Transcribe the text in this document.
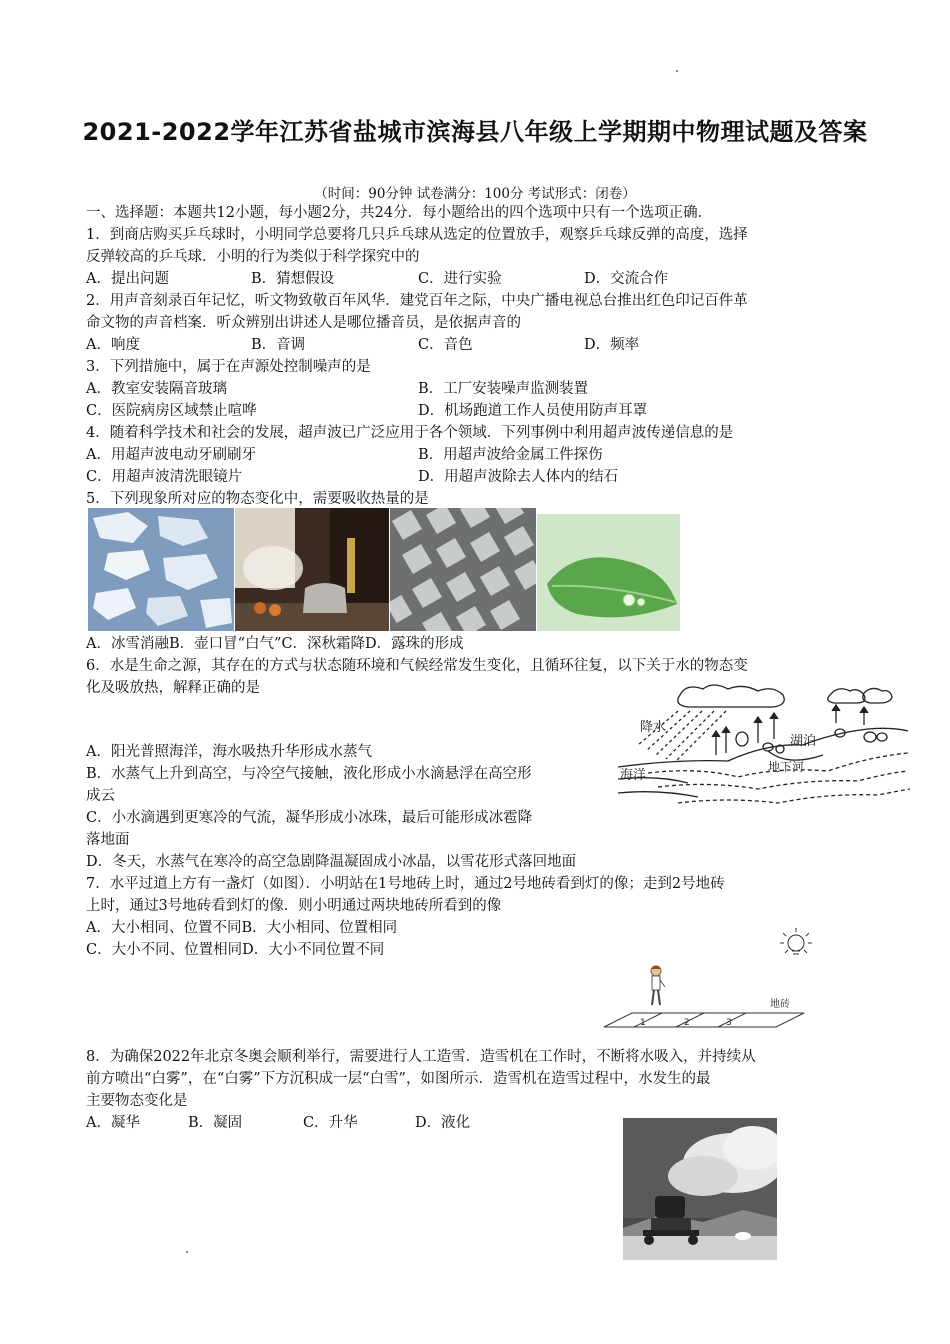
2021-2022学年江苏省盐城市滨海县八年级上学期期中物理试题及答案
（时间：90分钟 试卷满分：100分 考试形式：闭卷）
一、选择题：本题共12小题，每小题2分，共24分．每小题给出的四个选项中只有一个选项正确．
1．到商店购买乒乓球时，小明同学总要将几只乒乓球从选定的位置放手，观察乒乓球反弹的高度，选择
反弹较高的乒乓球．小明的行为类似于科学探究中的
A．提出问题	B．猜想假设	C．进行实验	D．交流合作
2．用声音刻录百年记忆，听文物致敬百年风华．建党百年之际，中央广播电视总台推出红色印记百件革
命文物的声音档案．听众辨别出讲述人是哪位播音员，是依据声音的
A．响度	B．音调	C．音色	D．频率
3．下列措施中，属于在声源处控制噪声的是
A．教室安装隔音玻璃	B．工厂安装噪声监测装置
C．医院病房区域禁止喧哗	D．机场跑道工作人员使用防声耳罩
4．随着科学技术和社会的发展，超声波已广泛应用于各个领域．下列事例中利用超声波传递信息的是
A．用超声波电动牙刷刷牙	B．用超声波给金属工件探伤
C．用超声波清洗眼镜片	D．用超声波除去人体内的结石
5．下列现象所对应的物态变化中，需要吸收热量的是
A．冰雪消融B．壶口冒“白气”C．深秋霜降D．露珠的形成
6．水是生命之源，其存在的方式与状态随环境和气候经常发生变化，且循环往复，以下关于水的物态变
化及吸放热，解释正确的是
降水
湖泊
地下河
海洋
A．阳光普照海洋，海水吸热升华形成水蒸气
B．水蒸气上升到高空，与冷空气接触，液化形成小水滴悬浮在高空形
成云
C．小水滴遇到更寒冷的气流，凝华形成小冰珠，最后可能形成冰雹降
落地面
D．冬天，水蒸气在寒冷的高空急剧降温凝固成小冰晶，以雪花形式落回地面
7．水平过道上方有一盏灯（如图）．小明站在1号地砖上时，通过2号地砖看到灯的像；走到2号地砖
上时，通过3号地砖看到灯的像．则小明通过两块地砖所看到的像
A．大小相同、位置不同B．大小相同、位置相同
C．大小不同、位置相同D．大小不同位置不同
地砖
1	2	3
8．为确保2022年北京冬奥会顺利举行，需要进行人工造雪．造雪机在工作时，不断将水吸入，并持续从
前方喷出“白雾”，在“白雾”下方沉积成一层“白雪”，如图所示．造雪机在造雪过程中，水发生的最
主要物态变化是
A．凝华	B．凝固	C．升华	D．液化
